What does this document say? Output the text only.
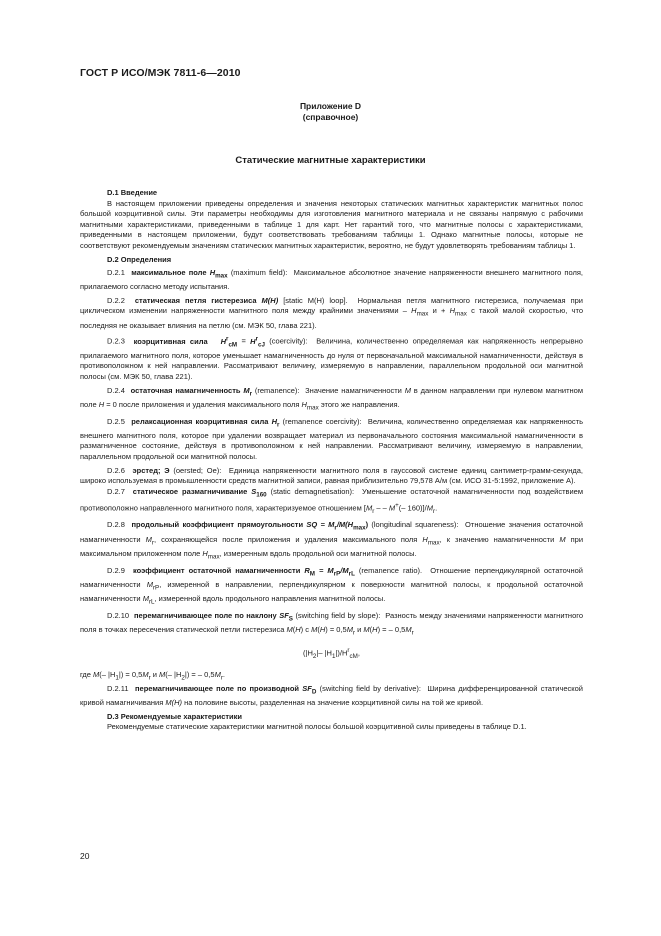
ГОСТ Р ИСО/МЭК 7811-6—2010
Приложение D
(справочное)
Статические магнитные характеристики

D.1 Введение

В настоящем приложении приведены определения и значения некоторых статических магнитных характеристик магнитных полос большой коэрцитивной силы. Эти параметры необходимы для изготовления магнитного материала и не связаны напрямую с рабочими магнитными характеристиками, приведенными в таблице 1 для карт. Нет гарантий того, что магнитные полосы с характеристиками, приведенными в настоящем приложении, будут соответствовать требованиям таблицы 1. Однако магнитные полосы, которые не соответствуют рекомендуемым значениям статических магнитных характеристик, вероятно, не будут удовлетворять требованиям таблицы 1.

D.2 Определения

D.2.1 максимальное поле $H_{max}$ (maximum field): Максимальное абсолютное значение напряженности внешнего магнитного поля, прилагаемого согласно методу испытания.

D.2.2 статическая петля гистерезиса M(H) [static M(H) loop]. Нормальная петля магнитного гистерезиса, получаемая при циклическом изменении напряженности магнитного поля между крайними значениями – $H_{max}$ $и + H_{max}$ с такой малой скоростью, что последняя не оказывает влияния на петлю (см. МЭК 50, глава 221).

D.2.3 коэрцитивная сила $H^r_{cM} = H^r_{cJ}$ (coercivity): Величина, количественно определяемая как напряженность непрерывно прилагаемого магнитного поля, которое уменьшает намагниченность до нуля от первоначальной максимальной намагниченности, действуя в противоположном к ней направлении. Рассматривают величину, измеряемую в направлении, параллельном продольной оси магнитной полосы (см. МЭК 50, глава 221).

D.2.4 остаточная намагниченность $M_r$ (remanence): Значение намагниченности M в данном направлении при нулевом магнитном поле H = 0 после приложения и удаления максимального поля $H_{max}$ этого же направления.

D.2.5 релаксационная коэрцитивная сила $H_r$ (remanence coercivity): Величина, количественно определяемая как напряженность внешнего магнитного поля, которое при удалении возвращает материал из первоначального состояния максимальной намагниченности в размагниченное состояние, действуя в противоположном к ней направлении. Рассматривают величину, измеряемую в направлении, параллельном продольной оси магнитной полосы.

D.2.6 эрстед; Э (oersted; Oe): Единица напряженности магнитного поля в гауссовой системе единиц сантиметр-грамм-секунда, широко используемая в промышленности средств магнитной записи, равная приблизительно 79,578 А/м (см. ИСО 31-5:1992, приложение А).

D.2.7 статическое размагничивание $S_{160}$ (static demagnetisation): Уменьшение остаточной намагниченности под воздействием противоположно направленного магнитного поля, характеризуемое отношением [$M_r$ – – M+(– $160)]/M_r$.

D.2.8 продольный коэффициент прямоугольности SQ = $M_r/M(H_{max})$ (longitudinal squareness): Отношение значения остаточной намагниченности $M_r$, сохраняющейся после приложения и удаления максимального поля $H_{max}$, к значению намагниченности M при максимальном приложенном поле $H_{max}$, измеренным вдоль продольной оси магнитной полосы.

D.2.9 коэффициент остаточной намагниченности $R_M = M_{rP}/M_{rL}$ (remanence ratio). Отношение перпендикулярной остаточной намагниченности $M_{rP}$, измеренной в направлении, перпендикулярном к поверхности магнитной полосы, к продольной остаточной намагниченности $M_{rL}$, измеренной вдоль продольного направления магнитной полосы.

D.2.10 перемагничивающее поле по наклону $SF_S$ (switching field by slope): Разность между значениями напряженности магнитного поля в точках пересечения статической петли гистерезиса M(H) с $M(H) = 0,5M_r$ и M(H) = – $0,5M_r$

($|H_2|-$ $|H_1|)/H^r_{cM}$,

где M(– $|H_1|) = 0,5M_r$ и M(– $|H_2|$) = – $0,5M_r$.

D.2.11 перемагничивающее поле по производной $SF_D$ (switching field by derivative): Ширина дифференцированной статической кривой намагничивания M(H) на половине высоты, разделенная на значение коэрцитивной силы на той же кривой.

D.3 Рекомендуемые характеристики

Рекомендуемые статические характеристики магнитной полосы большой коэрцитивной силы приведены в таблице D.1.

20
